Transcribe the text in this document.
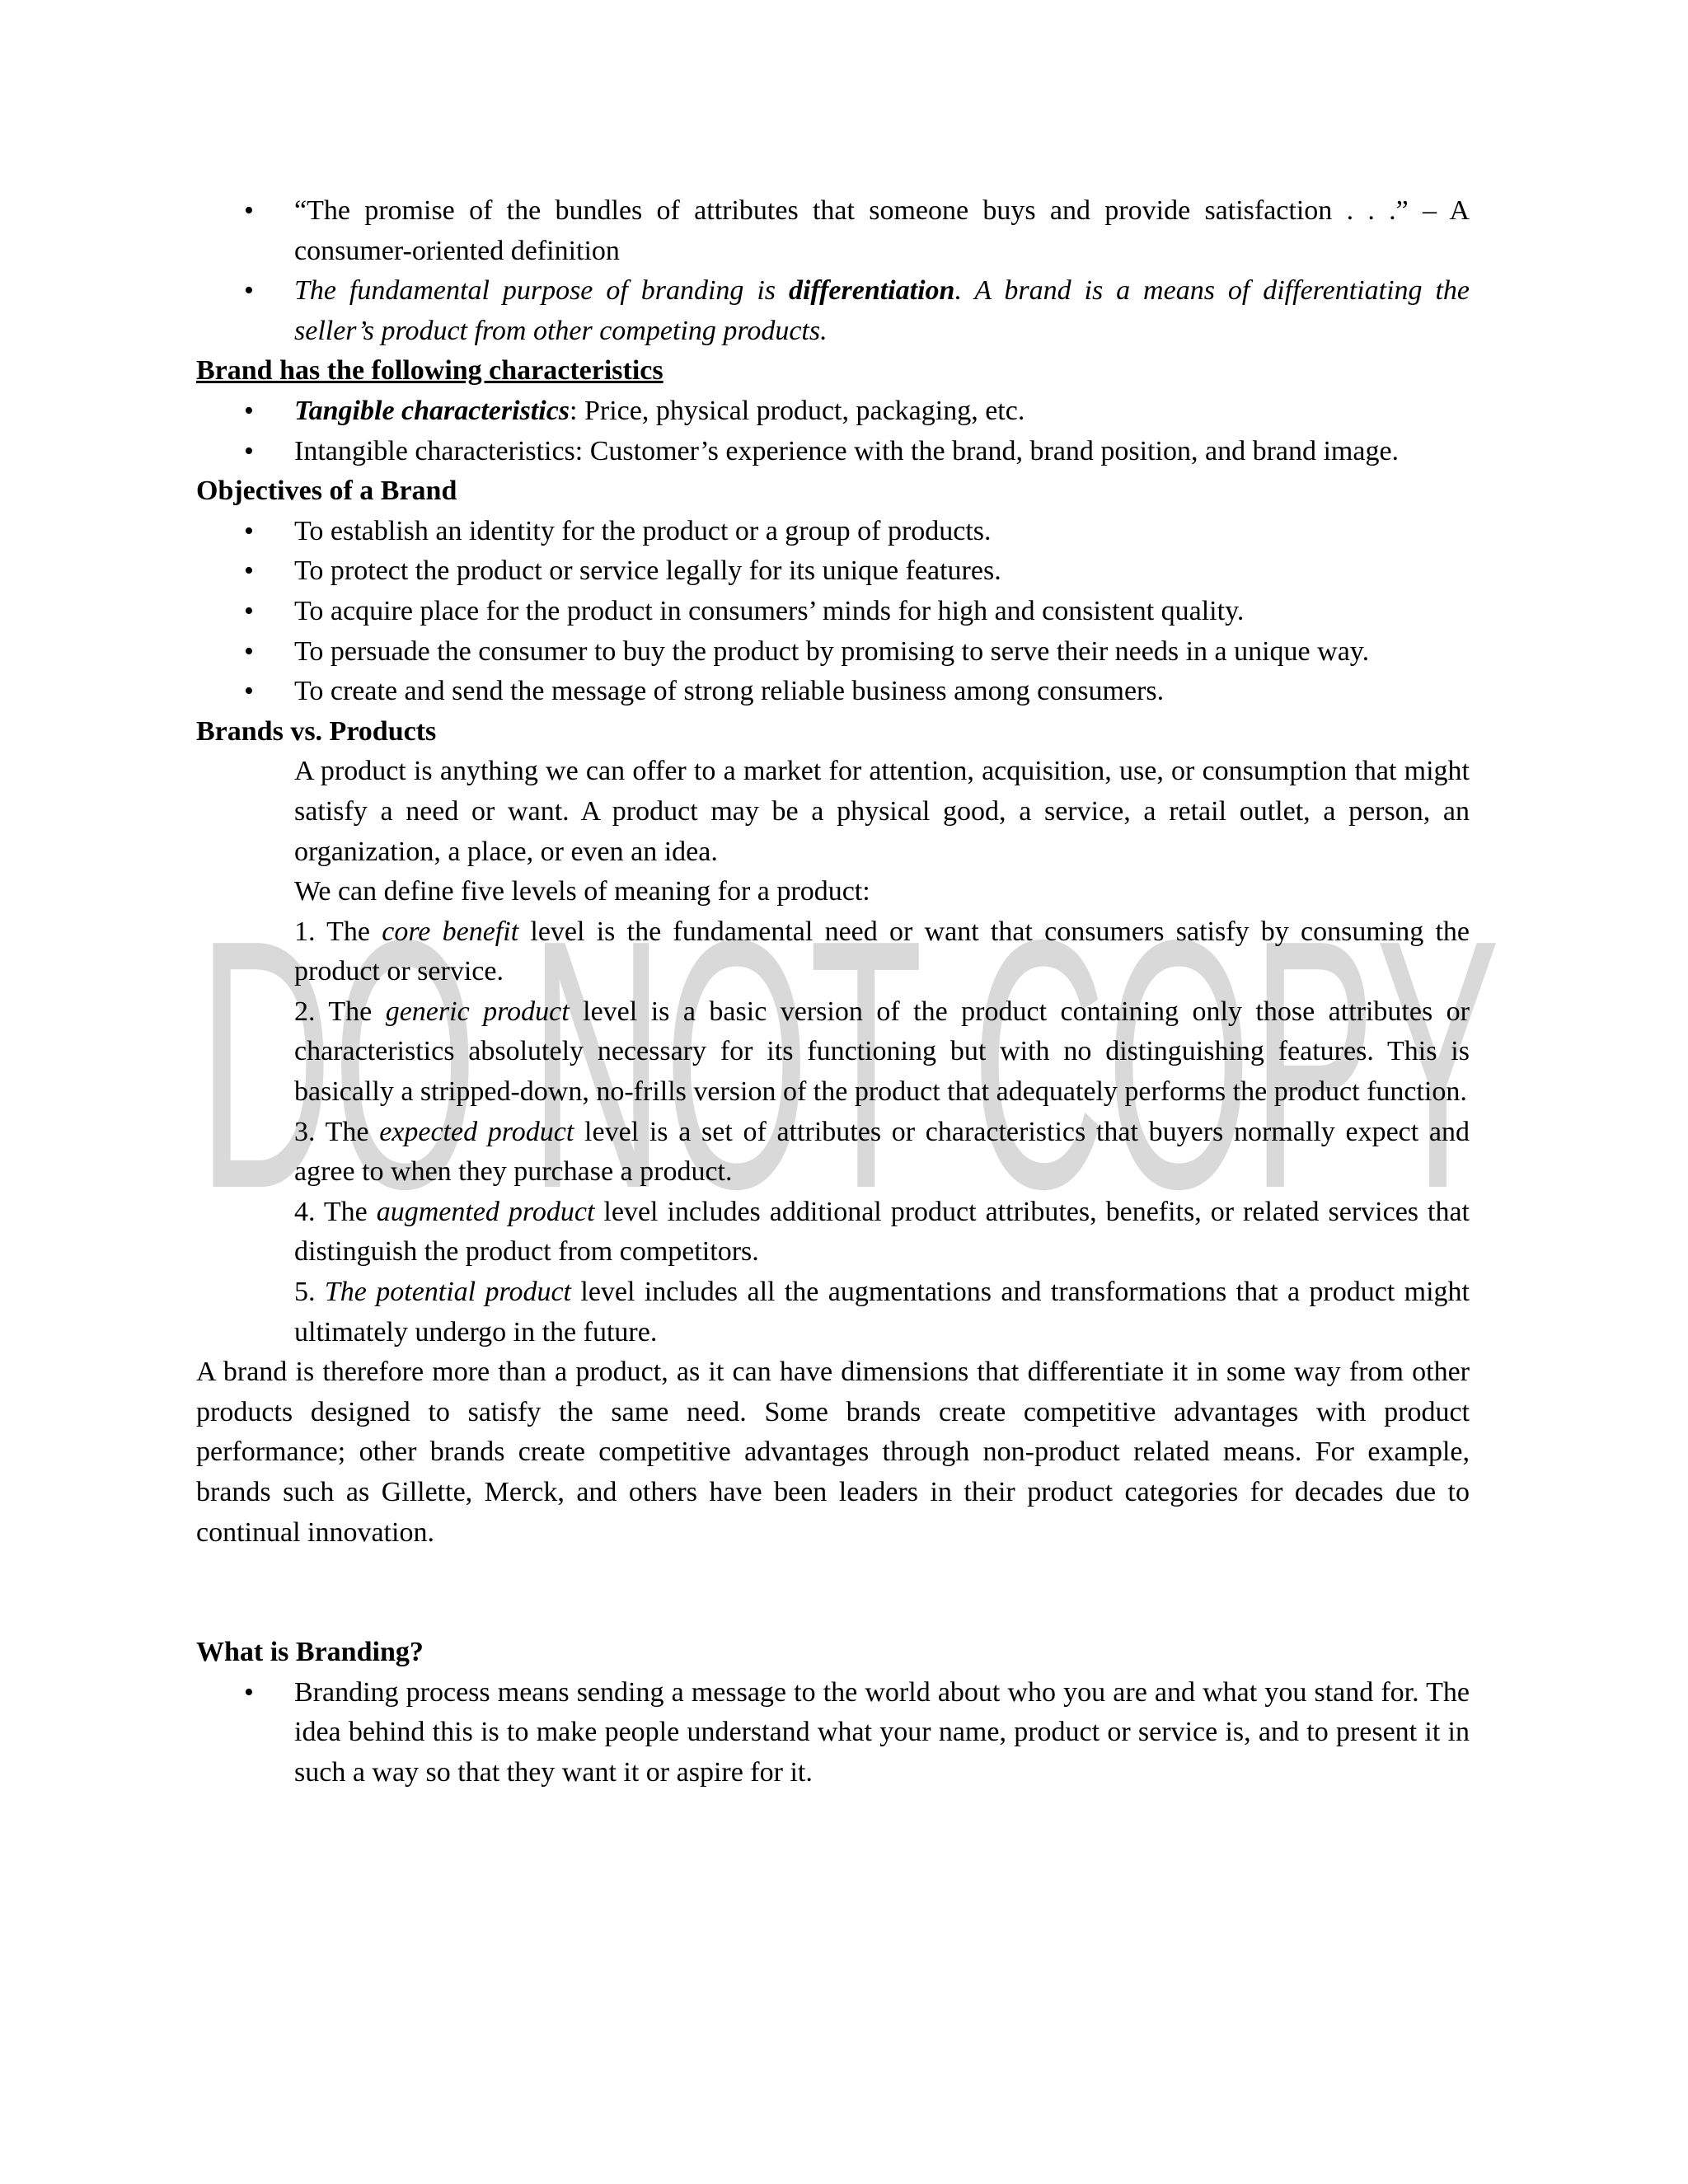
DO NOT COPY
• “The promise of the bundles of attributes that someone buys and provide satisfaction . . .” – A consumer-oriented definition
• The fundamental purpose of branding is differentiation. A brand is a means of differentiating the seller’s product from other competing products.

Brand has the following characteristics

• Tangible characteristics: Price, physical product, packaging, etc.
• Intangible characteristics: Customer’s experience with the brand, brand position, and brand image.

Objectives of a Brand

• To establish an identity for the product or a group of products.
• To protect the product or service legally for its unique features.
• To acquire place for the product in consumers’ minds for high and consistent quality.
• To persuade the consumer to buy the product by promising to serve their needs in a unique way.
• To create and send the message of strong reliable business among consumers.

Brands vs. Products

A product is anything we can offer to a market for attention, acquisition, use, or consumption that might satisfy a need or want. A product may be a physical good, a service, a retail outlet, a person, an organization, a place, or even an idea.

We can define five levels of meaning for a product:

1. The core benefit level is the fundamental need or want that consumers satisfy by consuming the product or service.

2. The generic product level is a basic version of the product containing only those attributes or characteristics absolutely necessary for its functioning but with no distinguishing features. This is basically a stripped-down, no-frills version of the product that adequately performs the product function.

3. The expected product level is a set of attributes or characteristics that buyers normally expect and agree to when they purchase a product.

4. The augmented product level includes additional product attributes, benefits, or related services that distinguish the product from competitors.

5. The potential product level includes all the augmentations and transformations that a product might ultimately undergo in the future.

A brand is therefore more than a product, as it can have dimensions that differentiate it in some way from other products designed to satisfy the same need. Some brands create competitive advantages with product performance; other brands create competitive advantages through non-product related means. For example, brands such as Gillette, Merck, and others have been leaders in their product categories for decades due to continual innovation.

What is Branding?

• Branding process means sending a message to the world about who you are and what you stand for. The idea behind this is to make people understand what your name, product or service is, and to present it in such a way so that they want it or aspire for it.
